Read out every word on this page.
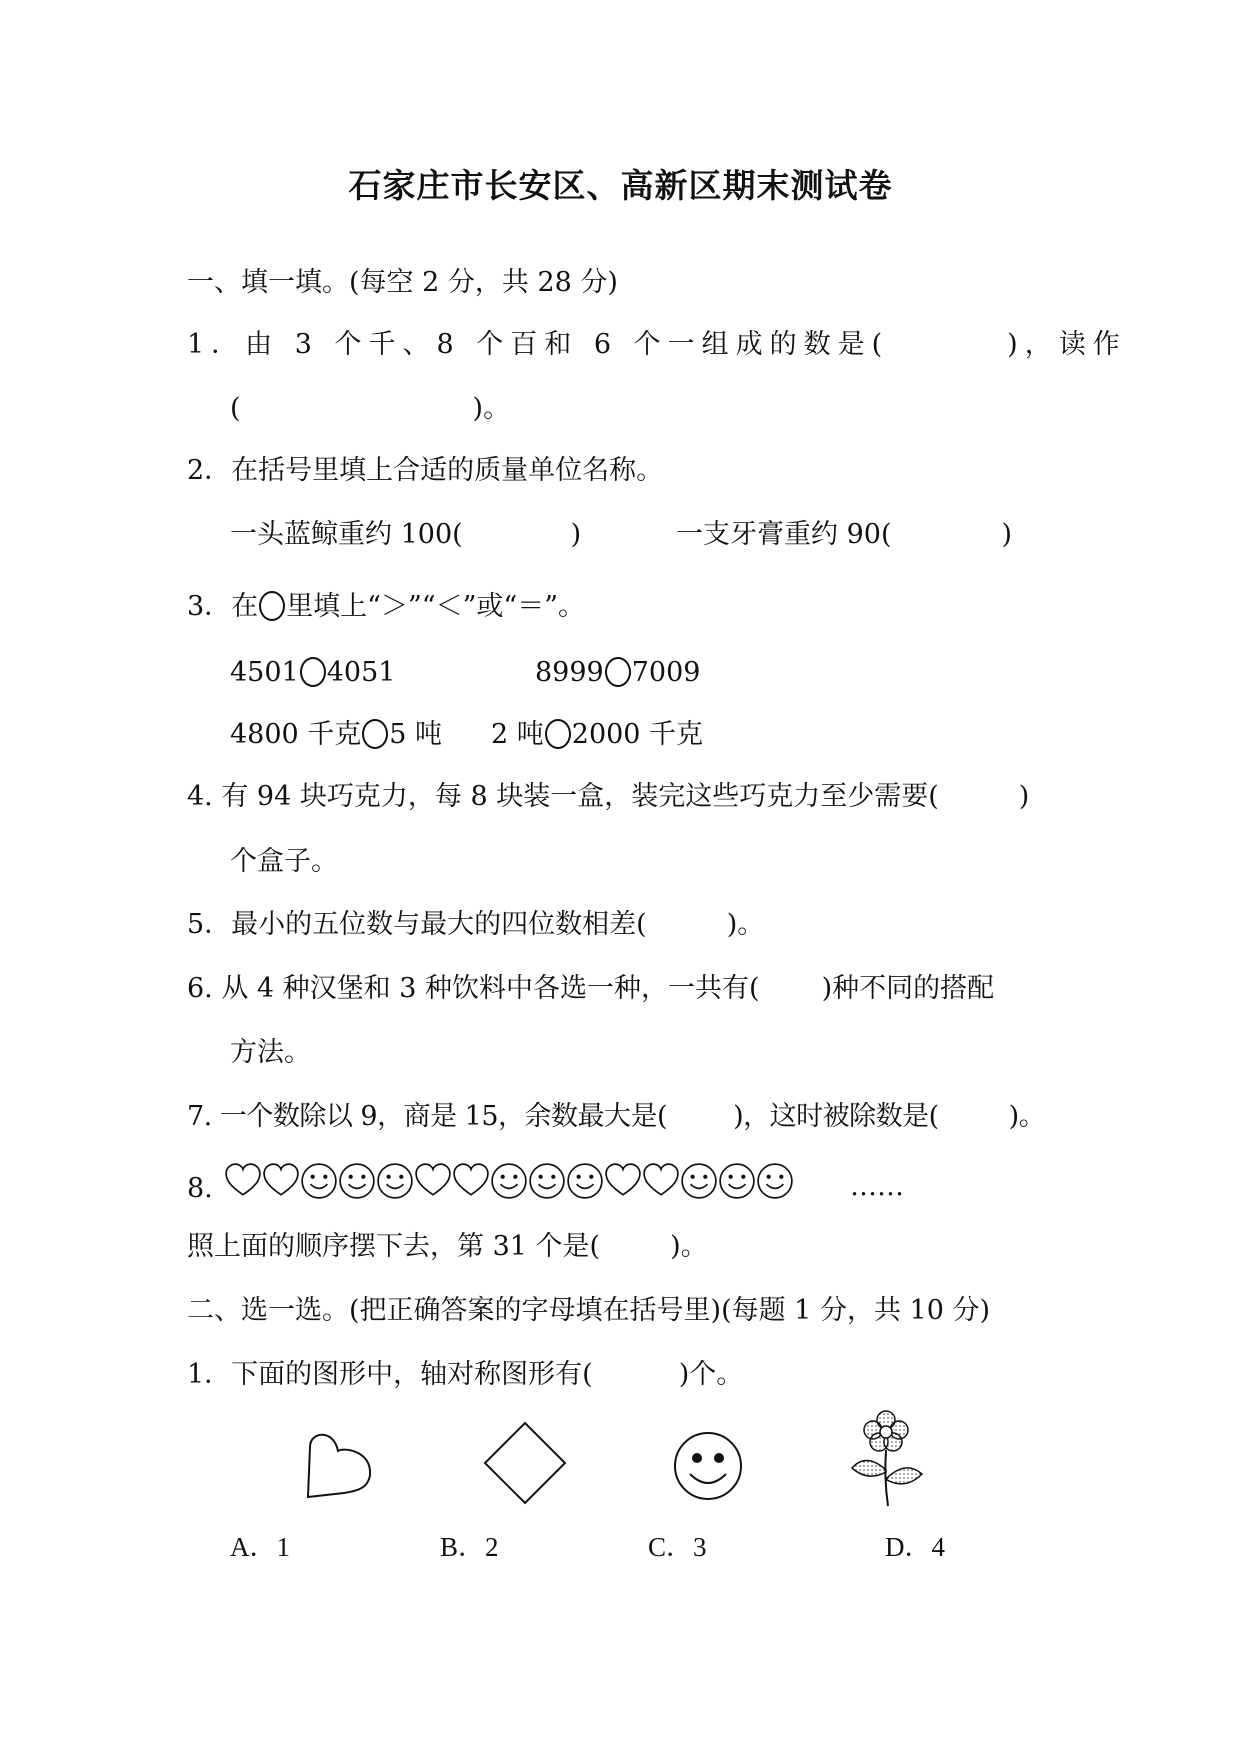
石家庄市长安区、高新区期末测试卷
一、填一填。(每空 2 分，共 28 分)
1．由 3 个千、8 个百和 6 个一组成的数是(	)，读作
(	)。
2．在括号里填上合适的质量单位名称。
一头蓝鲸重约 100(	)	一支牙膏重约 90(	)
3．在 里填上“＞”“＜”或“＝”。
4501 4051	8999 7009
4800 千克 5 吨 2 吨 2000 千克
4. 有 94 块巧克力，每 8 块装一盒，装完这些巧克力至少需要(	)
个盒子。
5．最小的五位数与最大的四位数相差(	)。
6. 从 4 种汉堡和 3 种饮料中各选一种，一共有( )种不同的搭配
方法。
7. 一个数除以 9，商是 15，余数最大是( )，这时被除数是(	)。
8.	……
照上面的顺序摆下去，第 31 个是(	)。
二、选一选。(把正确答案的字母填在括号里)(每题 1 分，共 10 分)
1．下面的图形中，轴对称图形有(	)个。
A．1	B．2	C．3	D．4
